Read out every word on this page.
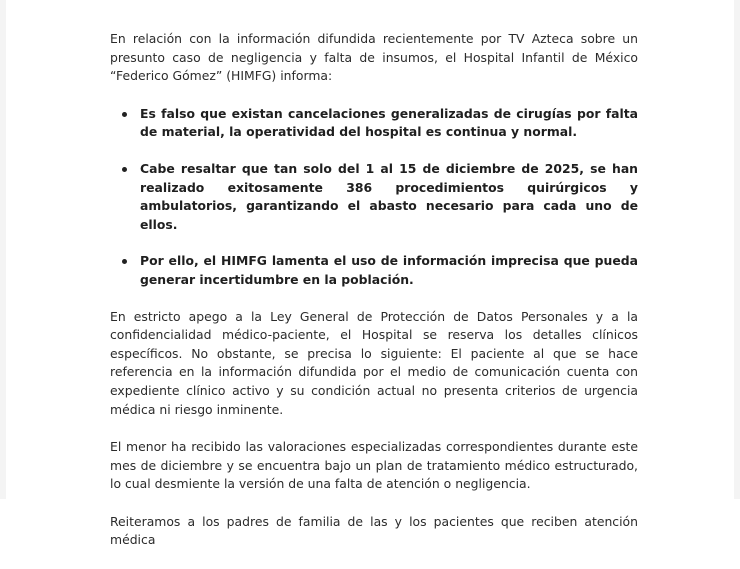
En relación con la información difundida recientemente por TV Azteca sobre un presunto caso de negligencia y falta de insumos, el Hospital Infantil de México “Federico Gómez” (HIMFG) informa:

Es falso que existan cancelaciones generalizadas de cirugías por falta de material, la operatividad del hospital es continua y normal.
Cabe resaltar que tan solo del 1 al 15 de diciembre de 2025, se han realizado exitosamente 386 procedimientos quirúrgicos y ambulatorios, garantizando el abasto necesario para cada uno de ellos.
Por ello, el HIMFG lamenta el uso de información imprecisa que pueda generar incertidumbre en la población.

En estricto apego a la Ley General de Protección de Datos Personales y a la confidencialidad médico-paciente, el Hospital se reserva los detalles clínicos específicos. No obstante, se precisa lo siguiente: El paciente al que se hace referencia en la información difundida por el medio de comunicación cuenta con expediente clínico activo y su condición actual no presenta criterios de urgencia médica ni riesgo inminente.

El menor ha recibido las valoraciones especializadas correspondientes durante este mes de diciembre y se encuentra bajo un plan de tratamiento médico estructurado, lo cual desmiente la versión de una falta de atención o negligencia.

Reiteramos a los padres de familia de las y los pacientes que reciben atención médica
